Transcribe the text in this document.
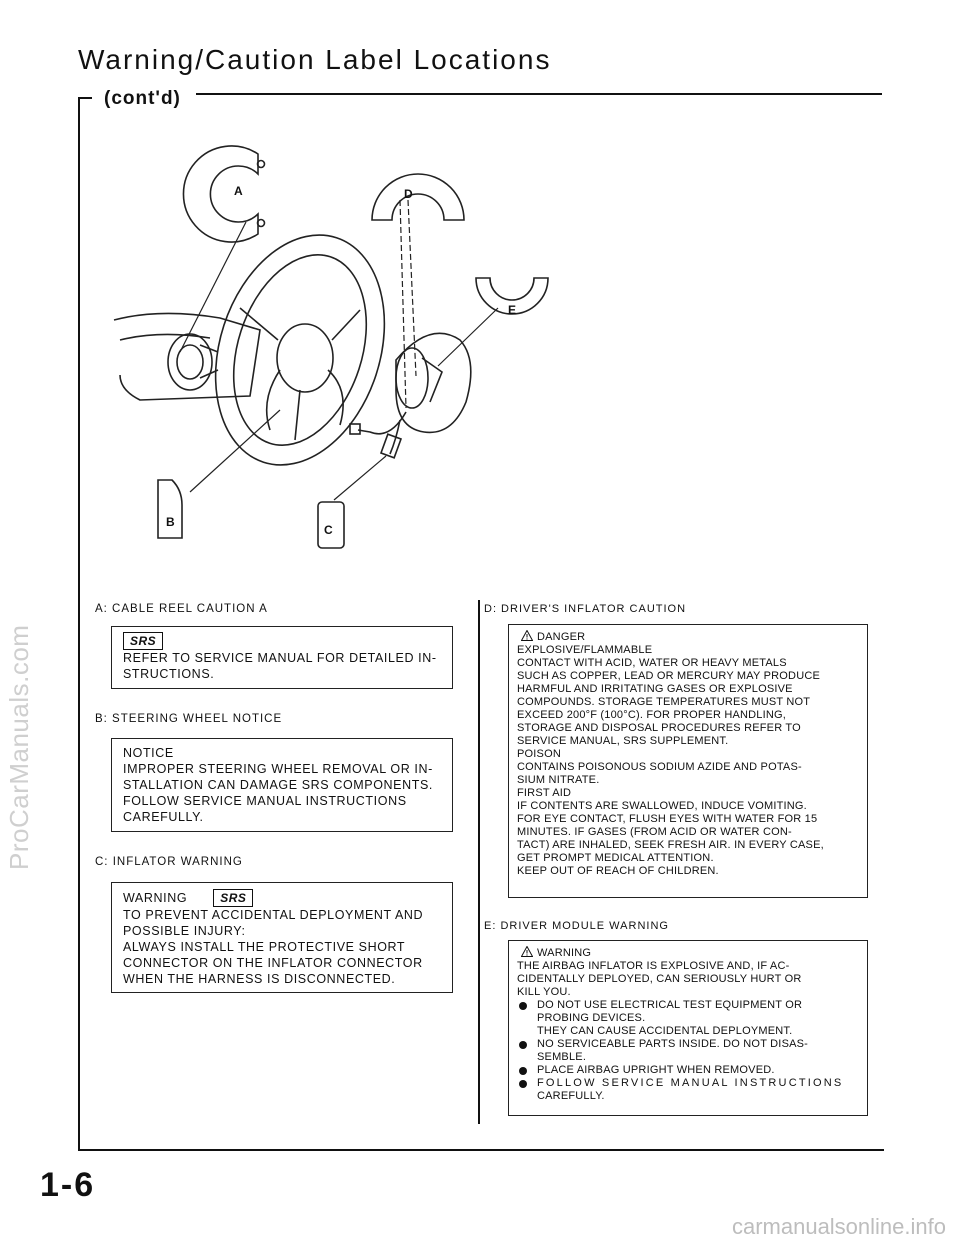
Warning/Caution Label Locations
(cont'd)
ProCarManuals.com
A
B
C
D
E
A: CABLE REEL CAUTION A
SRS
REFER TO SERVICE MANUAL FOR DETAILED IN-
STRUCTIONS.
B: STEERING WHEEL NOTICE
NOTICE
IMPROPER STEERING WHEEL REMOVAL OR IN-
STALLATION CAN DAMAGE SRS COMPONENTS.
FOLLOW SERVICE MANUAL INSTRUCTIONS
CAREFULLY.
C: INFLATOR WARNING
WARNING	SRS
TO PREVENT ACCIDENTAL DEPLOYMENT AND
POSSIBLE INJURY:
ALWAYS INSTALL THE PROTECTIVE SHORT
CONNECTOR ON THE INFLATOR CONNECTOR
WHEN THE HARNESS IS DISCONNECTED.
D: DRIVER'S INFLATOR CAUTION
DANGER
EXPLOSIVE/FLAMMABLE
CONTACT WITH ACID, WATER OR HEAVY METALS
SUCH AS COPPER, LEAD OR MERCURY MAY PRODUCE
HARMFUL AND IRRITATING GASES OR EXPLOSIVE
COMPOUNDS. STORAGE TEMPERATURES MUST NOT
EXCEED 200°F (100°C). FOR PROPER HANDLING,
STORAGE AND DISPOSAL PROCEDURES REFER TO
SERVICE MANUAL, SRS SUPPLEMENT.
POISON
CONTAINS POISONOUS SODIUM AZIDE AND POTAS-
SIUM NITRATE.
FIRST AID
IF CONTENTS ARE SWALLOWED, INDUCE VOMITING.
FOR EYE CONTACT, FLUSH EYES WITH WATER FOR 15
MINUTES. IF GASES (FROM ACID OR WATER CON-
TACT) ARE INHALED, SEEK FRESH AIR. IN EVERY CASE,
GET PROMPT MEDICAL ATTENTION.
KEEP OUT OF REACH OF CHILDREN.
E: DRIVER MODULE WARNING
WARNING
THE AIRBAG INFLATOR IS EXPLOSIVE AND, IF AC-
CIDENTALLY DEPLOYED, CAN SERIOUSLY HURT OR
KILL YOU.
DO NOT USE ELECTRICAL TEST EQUIPMENT OR
PROBING DEVICES.
THEY CAN CAUSE ACCIDENTAL DEPLOYMENT.
NO SERVICEABLE PARTS INSIDE. DO NOT DISAS-
SEMBLE.
PLACE AIRBAG UPRIGHT WHEN REMOVED.
FOLLOW SERVICE MANUAL INSTRUCTIONS
CAREFULLY.
1-6
carmanualsonline.info
